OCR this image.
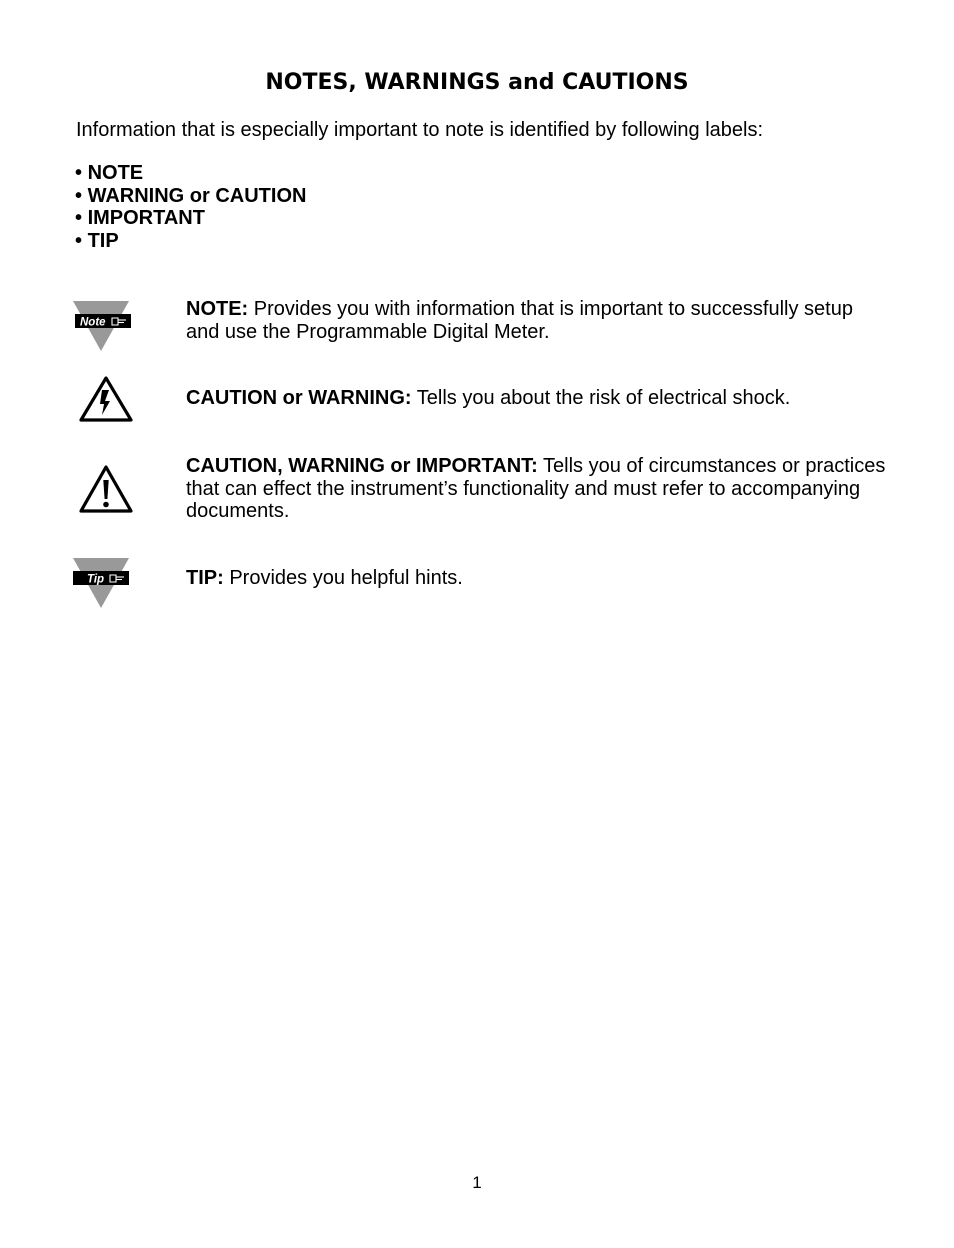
NOTES, WARNINGS and CAUTIONS
Information that is especially important to note is identified by following labels:
• NOTE
• WARNING or CAUTION
• IMPORTANT
• TIP
Note
NOTE: Provides you with information that is important to successfully setup and use the Programmable Digital Meter.
CAUTION or WARNING: Tells you about the risk of electrical shock.
CAUTION, WARNING or IMPORTANT: Tells you of circumstances or practices that can effect the instrument’s functionality and must refer to accompanying documents.
Tip	TIP: Provides you helpful hints.
1
